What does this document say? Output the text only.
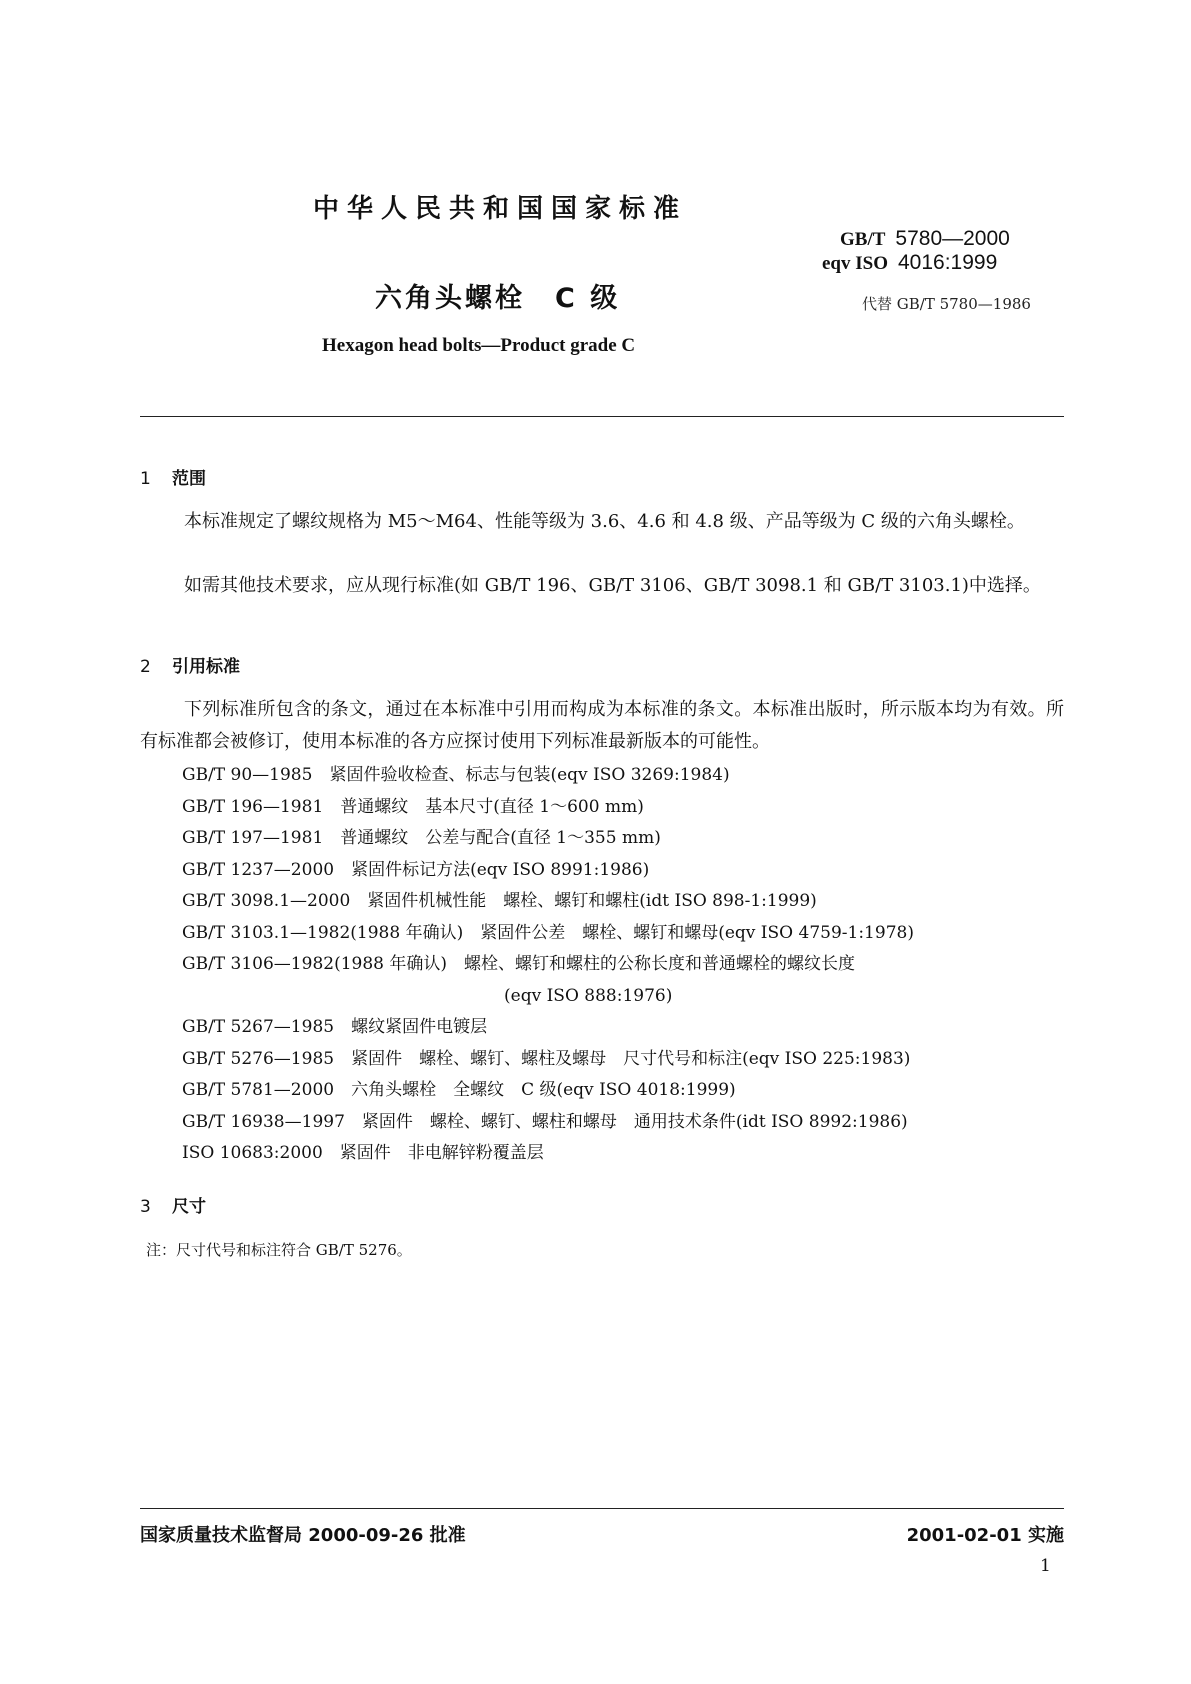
中华人民共和国国家标准
GB/T 5780—2000
eqv ISO 4016:1999
代替 GB/T 5780—1986
六角头螺栓　C 级
Hexagon head bolts—Product grade C
1 范围
本标准规定了螺纹规格为 M5～M64、性能等级为 3.6、4.6 和 4.8 级、产品等级为 C 级的六角头螺栓。
如需其他技术要求，应从现行标准(如 GB/T 196、GB/T 3106、GB/T 3098.1 和 GB/T 3103.1)中选择。
2 引用标准
下列标准所包含的条文，通过在本标准中引用而构成为本标准的条文。本标准出版时，所示版本均为有效。所有标准都会被修订，使用本标准的各方应探讨使用下列标准最新版本的可能性。
GB/T 90—1985　紧固件验收检查、标志与包装(eqv ISO 3269:1984)
GB/T 196—1981　普通螺纹　基本尺寸(直径 1～600 mm)
GB/T 197—1981　普通螺纹　公差与配合(直径 1～355 mm)
GB/T 1237—2000　紧固件标记方法(eqv ISO 8991:1986)
GB/T 3098.1—2000　紧固件机械性能　螺栓、螺钉和螺柱(idt ISO 898-1:1999)
GB/T 3103.1—1982(1988 年确认)　紧固件公差　螺栓、螺钉和螺母(eqv ISO 4759-1:1978)
GB/T 3106—1982(1988 年确认)　螺栓、螺钉和螺柱的公称长度和普通螺栓的螺纹长度
(eqv ISO 888:1976)
GB/T 5267—1985　螺纹紧固件电镀层
GB/T 5276—1985　紧固件　螺栓、螺钉、螺柱及螺母　尺寸代号和标注(eqv ISO 225:1983)
GB/T 5781—2000　六角头螺栓　全螺纹　C 级(eqv ISO 4018:1999)
GB/T 16938—1997　紧固件　螺栓、螺钉、螺柱和螺母　通用技术条件(idt ISO 8992:1986)
ISO 10683:2000　紧固件　非电解锌粉覆盖层
3 尺寸
注：尺寸代号和标注符合 GB/T 5276。
国家质量技术监督局 2000-09-26 批准	2001-02-01 实施
1
